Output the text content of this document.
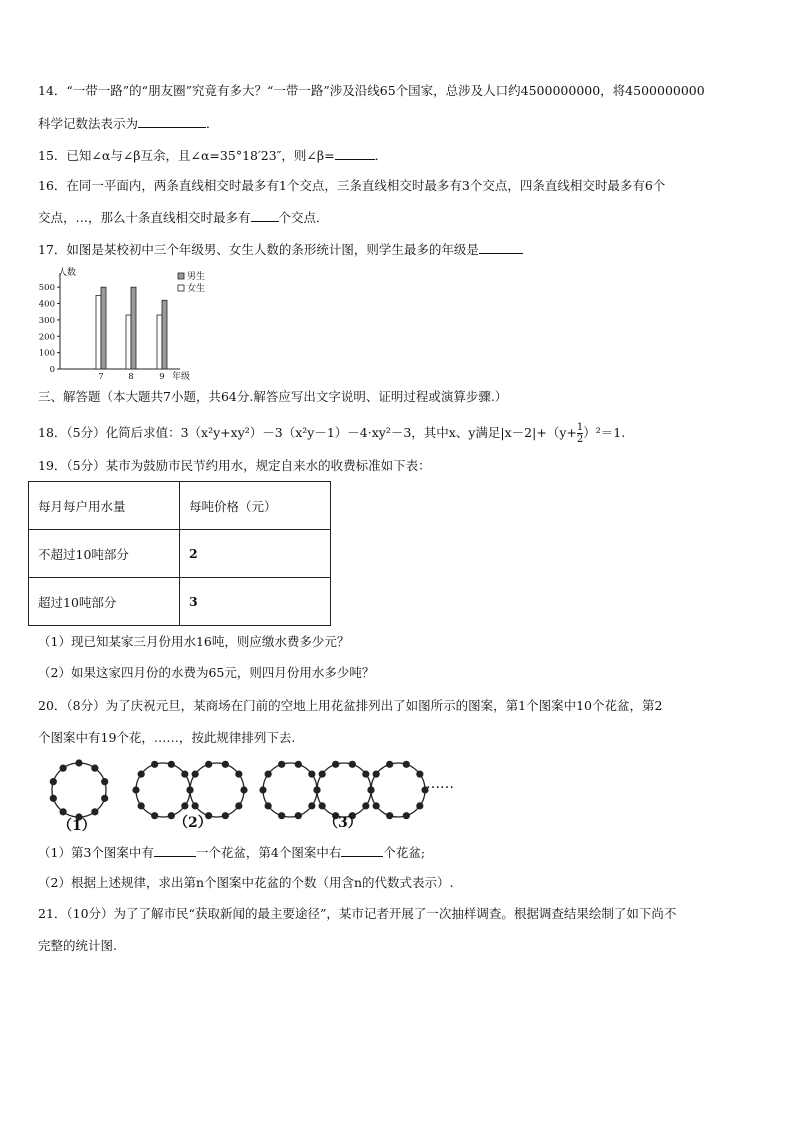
14．“一带一路”的“朋友圈”究竟有多大？“一带一路”涉及沿线65个国家，总涉及人口约4500000000，将4500000000
科学记数法表示为	．
15．已知∠α与∠β互余，且∠α=35°18′23″，则∠β=	．
16．在同一平面内，两条直线相交时最多有1个交点，三条直线相交时最多有3个交点，四条直线相交时最多有6个
交点，…，那么十条直线相交时最多有 个交点．
17．如图是某校初中三个年级男、女生人数的条形统计图，则学生最多的年级是
0
100
200
300
400
500
人数
年级
7	8	9
男生
女生
三、解答题（本大题共7小题，共64分.解答应写出文字说明、证明过程或演算步骤.）
18．（5分）化简后求值：3（x²y+xy²）－3（x²y－1）－4·xy²－3，其中x、y满足$|x-2|+(y+ \frac{1}{2} )^2=1$.
19．（5分）某市为鼓励市民节约用水，规定自来水的收费标准如下表：
每月每户用水量	每吨价格（元）
不超过10吨部分	2
超过10吨部分	3
（1）现已知某家三月份用水16吨，则应缴水费多少元？
（2）如果这家四月份的水费为65元，则四月份用水多少吨？
20．（8分）为了庆祝元旦，某商场在门前的空地上用花盆排列出了如图所示的图案，第1个图案中10个花盆，第2
个图案中有19个花，……，按此规律排列下去.
（1）	（2）	（3）
……
（1）第3个图案中有	一个花盆，第4个图案中右	个花盆;
（2）根据上述规律，求出第n个图案中花盆的个数（用含n的代数式表示）.
21．（10分）为了了解市民“获取新闻的最主要途径”，某市记者开展了一次抽样调查。根据调查结果绘制了如下尚不
完整的统计图.
